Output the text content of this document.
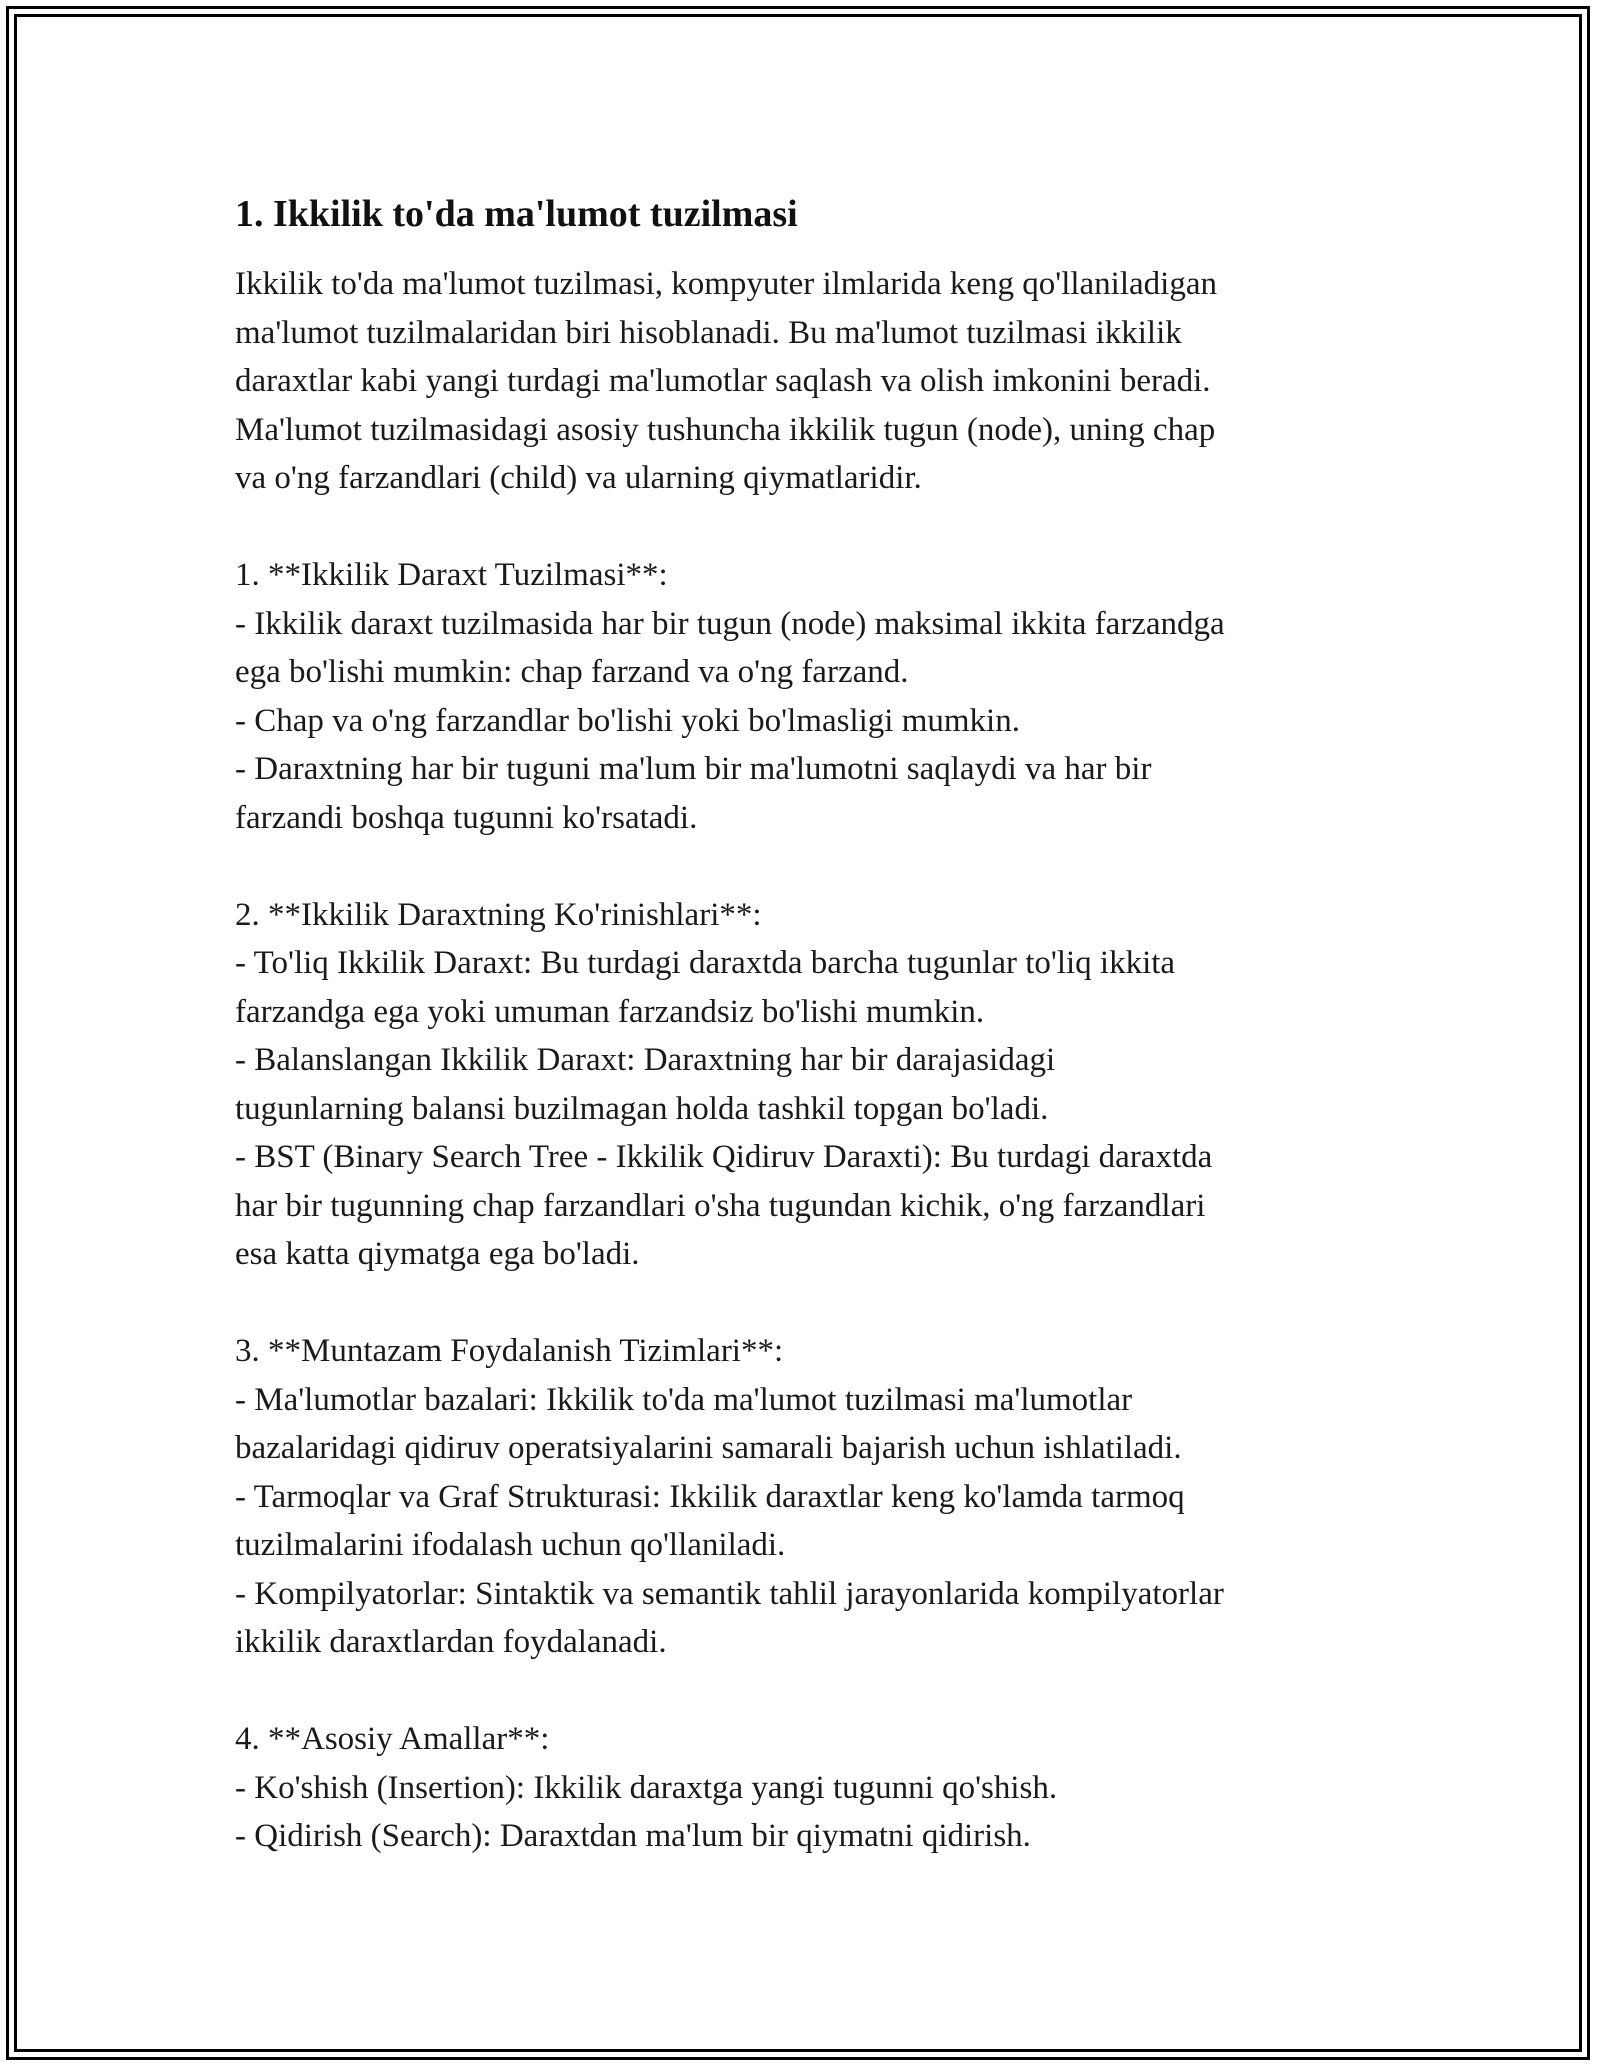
1. Ikkilik to'da ma'lumot tuzilmasi

Ikkilik to'da ma'lumot tuzilmasi, kompyuter ilmlarida keng qo'llaniladigan
ma'lumot tuzilmalaridan biri hisoblanadi. Bu ma'lumot tuzilmasi ikkilik
daraxtlar kabi yangi turdagi ma'lumotlar saqlash va olish imkonini beradi.
Ma'lumot tuzilmasidagi asosiy tushuncha ikkilik tugun (node), uning chap
va o'ng farzandlari (child) va ularning qiymatlaridir.

1. **Ikkilik Daraxt Tuzilmasi**:

- Ikkilik daraxt tuzilmasida har bir tugun (node) maksimal ikkita farzandga
ega bo'lishi mumkin: chap farzand va o'ng farzand.

- Chap va o'ng farzandlar bo'lishi yoki bo'lmasligi mumkin.

- Daraxtning har bir tuguni ma'lum bir ma'lumotni saqlaydi va har bir
farzandi boshqa tugunni ko'rsatadi.

2. **Ikkilik Daraxtning Ko'rinishlari**:

- To'liq Ikkilik Daraxt: Bu turdagi daraxtda barcha tugunlar to'liq ikkita
farzandga ega yoki umuman farzandsiz bo'lishi mumkin.

- Balanslangan Ikkilik Daraxt: Daraxtning har bir darajasidagi
tugunlarning balansi buzilmagan holda tashkil topgan bo'ladi.

- BST (Binary Search Tree - Ikkilik Qidiruv Daraxti): Bu turdagi daraxtda
har bir tugunning chap farzandlari o'sha tugundan kichik, o'ng farzandlari
esa katta qiymatga ega bo'ladi.

3. **Muntazam Foydalanish Tizimlari**:

- Ma'lumotlar bazalari: Ikkilik to'da ma'lumot tuzilmasi ma'lumotlar
bazalaridagi qidiruv operatsiyalarini samarali bajarish uchun ishlatiladi.

- Tarmoqlar va Graf Strukturasi: Ikkilik daraxtlar keng ko'lamda tarmoq
tuzilmalarini ifodalash uchun qo'llaniladi.

- Kompilyatorlar: Sintaktik va semantik tahlil jarayonlarida kompilyatorlar
ikkilik daraxtlardan foydalanadi.

4. **Asosiy Amallar**:

- Ko'shish (Insertion): Ikkilik daraxtga yangi tugunni qo'shish.

- Qidirish (Search): Daraxtdan ma'lum bir qiymatni qidirish.
